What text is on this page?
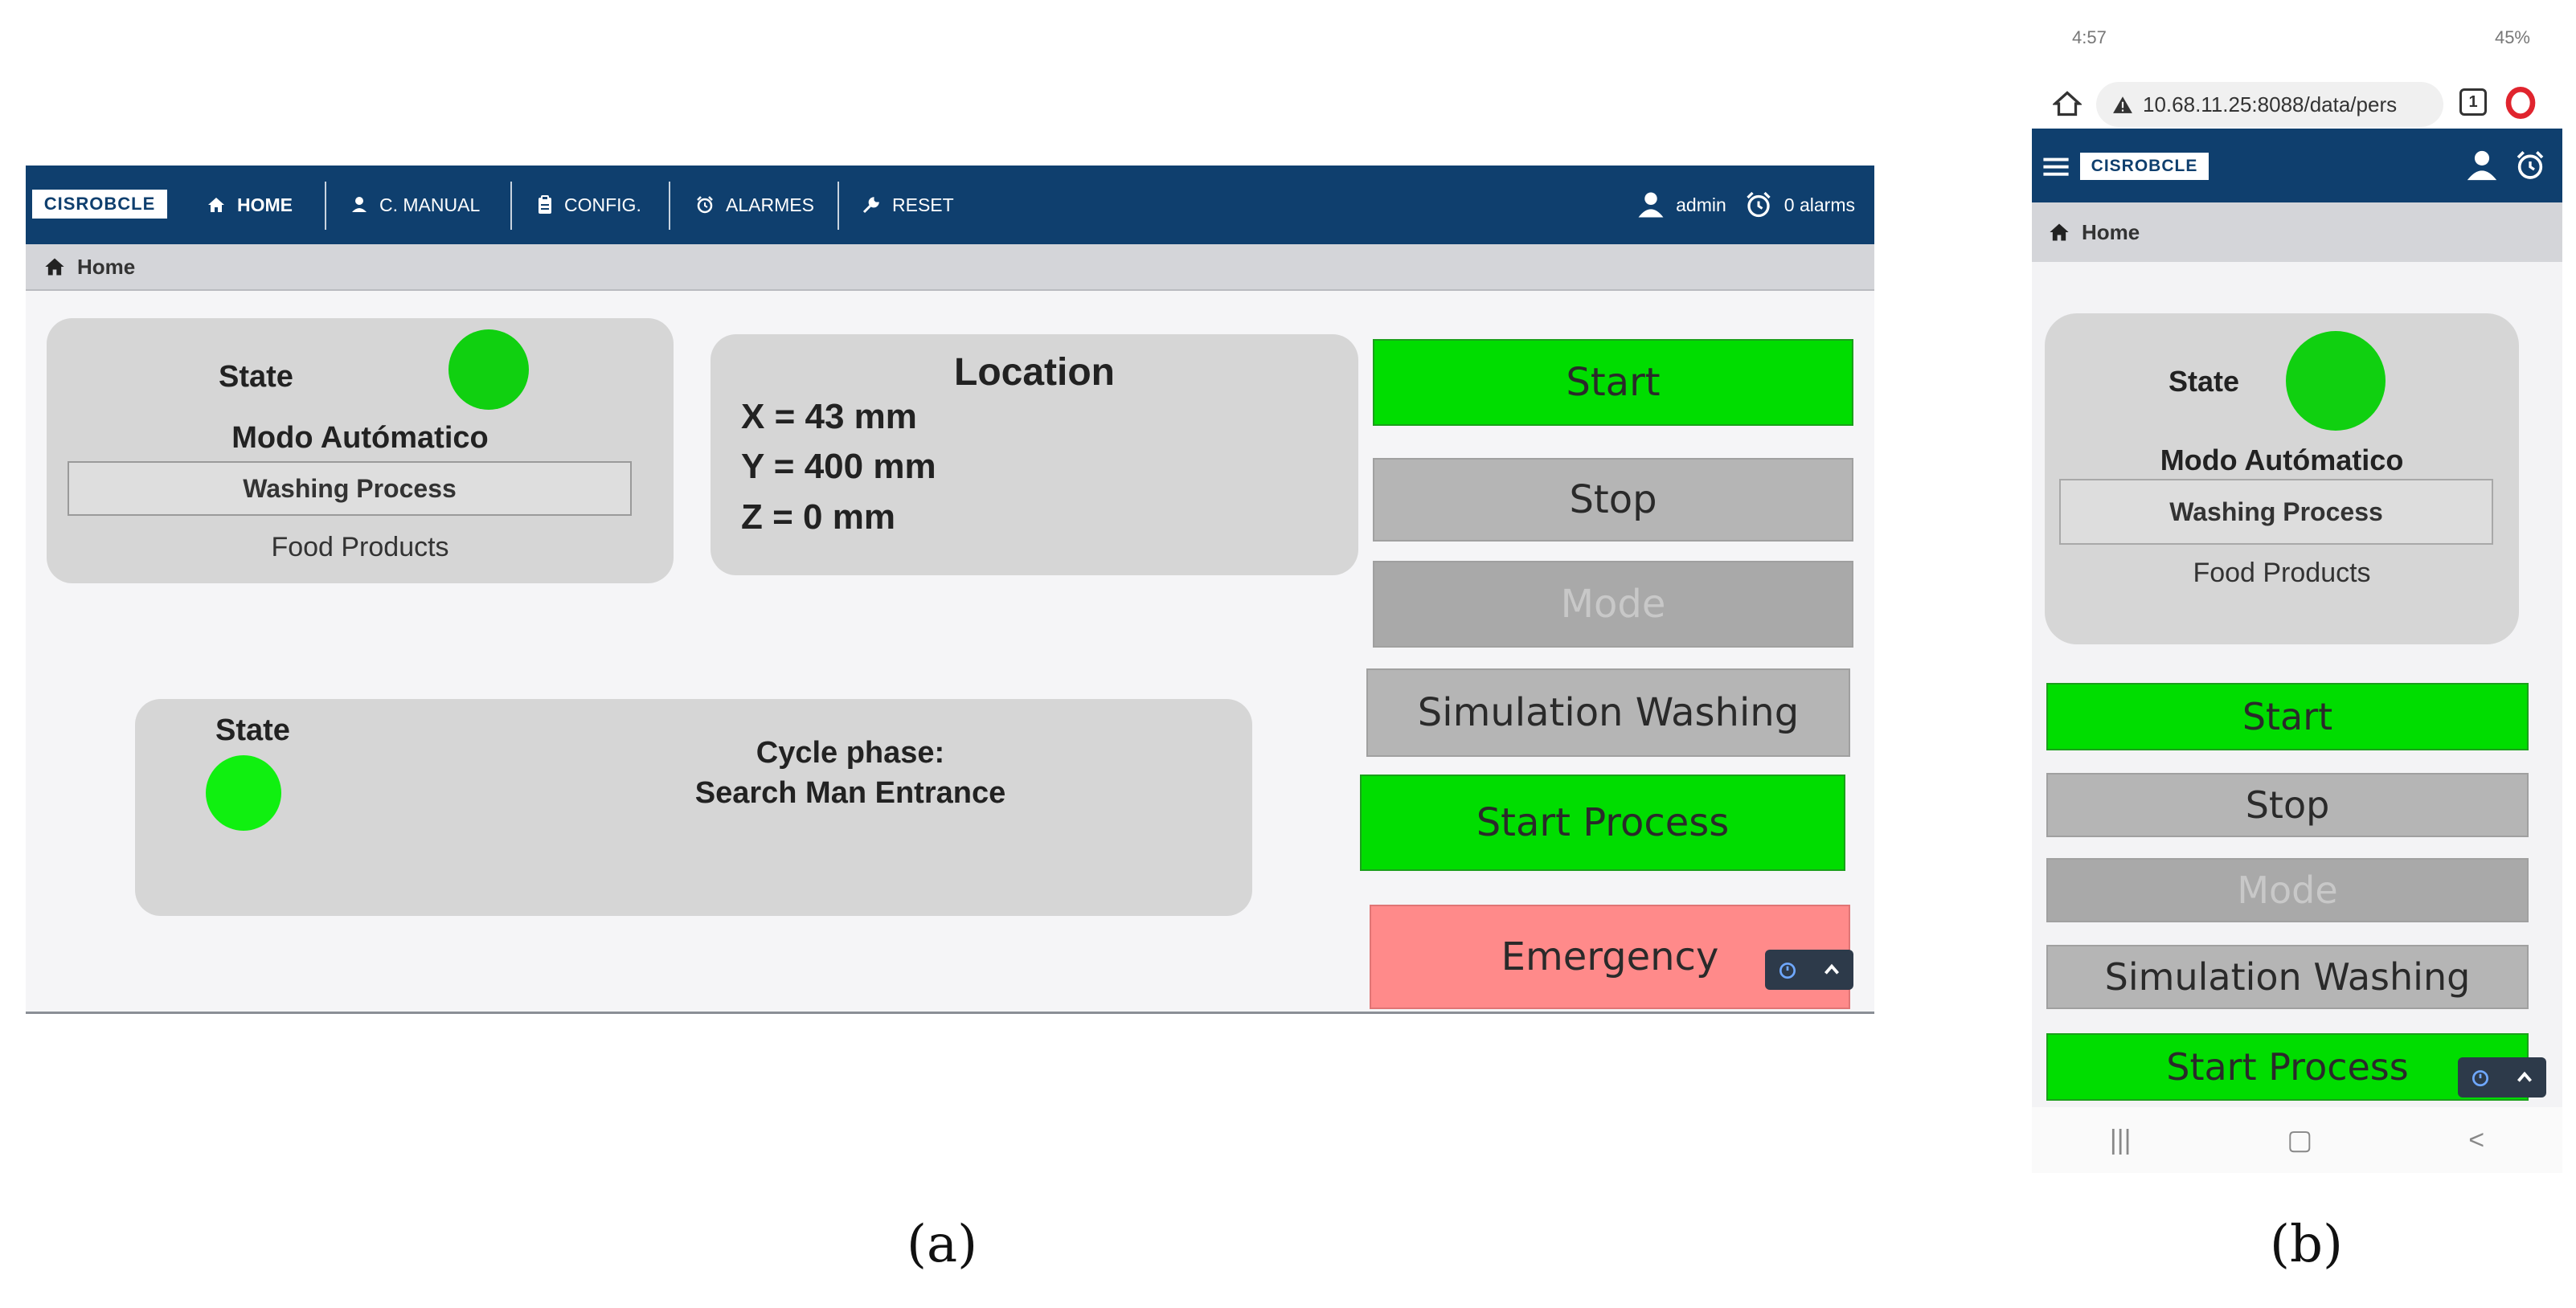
CISROBCLE	HOME	C. MANUAL	CONFIG.	ALARMES	RESET	admin	0 alarms
Home
State
Modo Autómatico
Washing Process
Food Products
Location
X = 43 mm
Y = 400 mm
Z = 0 mm
State
Cycle phase:
Search Man Entrance
Start
Stop
Mode
Simulation Washing
Start Process
Emergency
(a)
4:57	45%
10.68.11.25:8088/data/pers	1
CISROBCLE
Home
State
Modo Autómatico
Washing Process
Food Products
Start
Stop
Mode
Simulation Washing
Start Process
|||	▢	<
(b)
